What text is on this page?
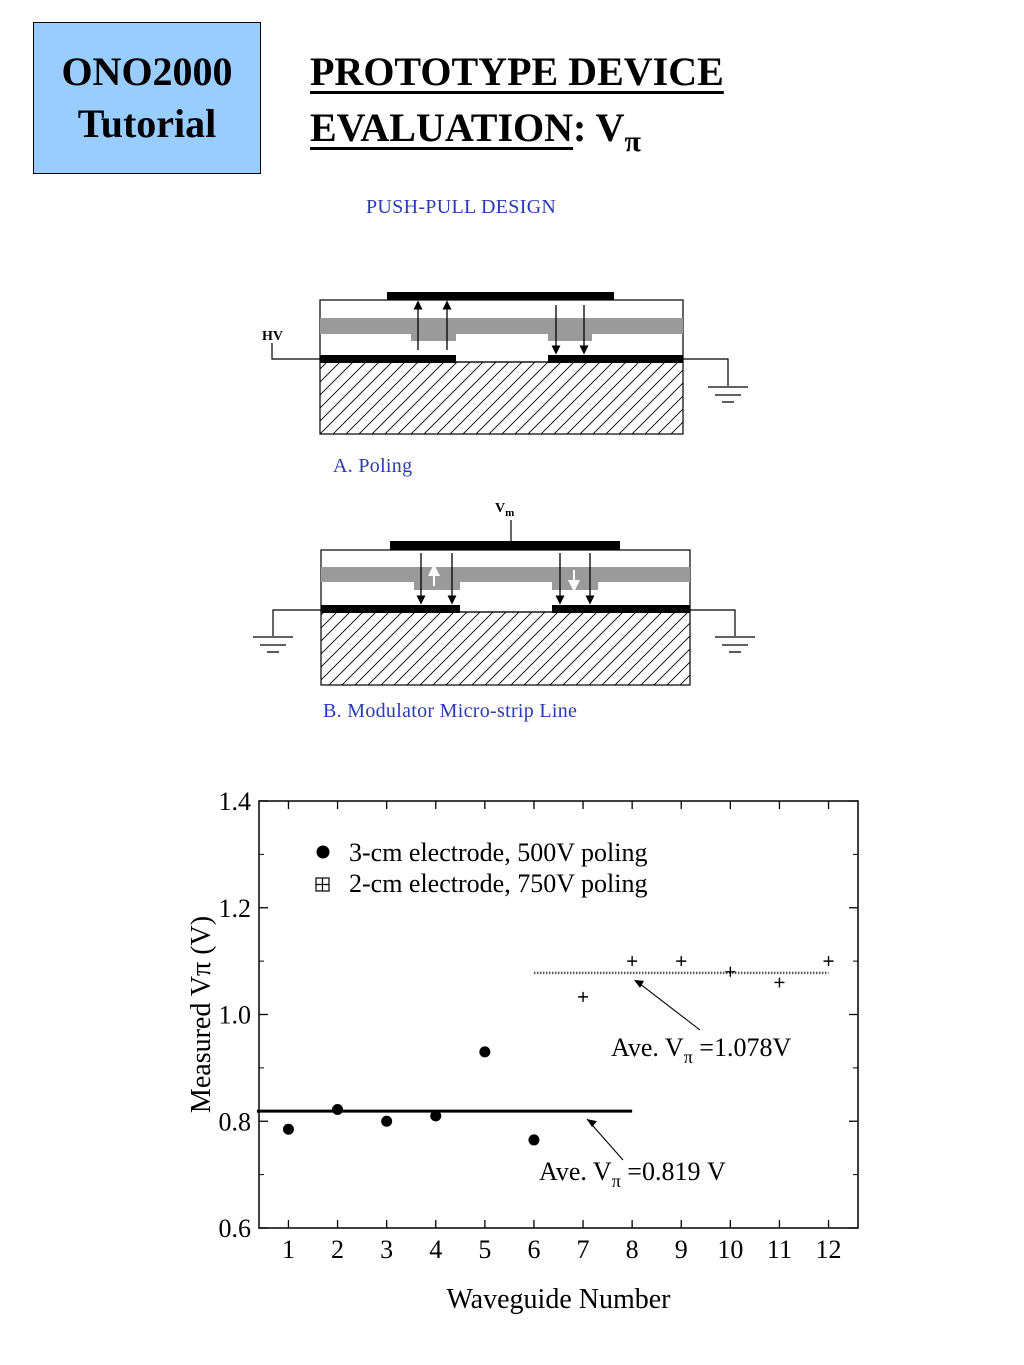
ONO2000
Tutorial
PROTOTYPE DEVICE
EVALUATION: $V_\pi$
PUSH-PULL DESIGN
A. Poling
B. Modulator Micro-strip Line
HV
$V_m$
1 2 3 4 5 6 7 8 9 10 11 12
0.6
0.8
1.0
1.2
1.4
Waveguide Number
Measured Vπ (V)
3-cm electrode, 500V poling
2-cm electrode, 750V poling
Ave. $V_\pi =0.819$ V
Ave. $V_\pi =1.078V$
